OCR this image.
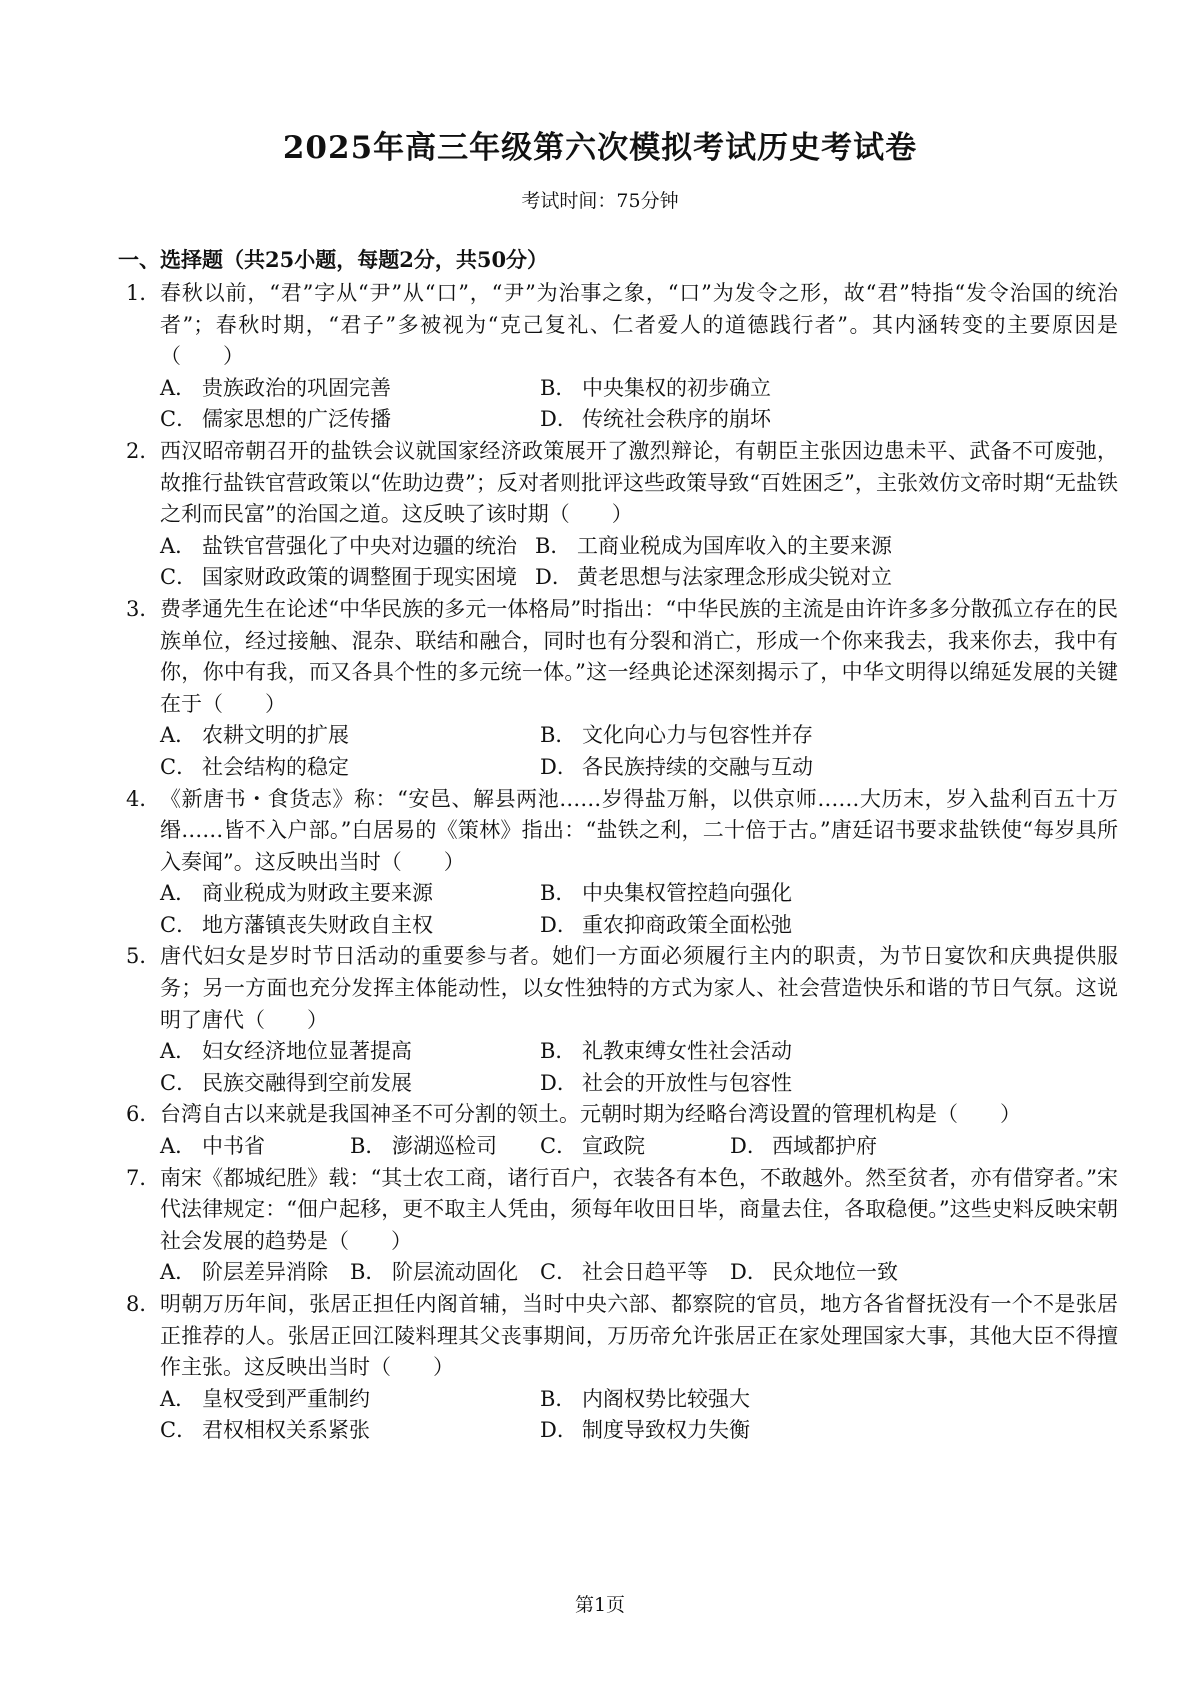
2025年高三年级第六次模拟考试历史考试卷
考试时间：75分钟
一、选择题（共25小题，每题2分，共50分）
1． 春秋以前，“君”字从“尹”从“口”，“尹”为治事之象，“口”为发令之形，故“君”特指“发令治国的统治者”；春秋时期，“君子”多被视为“克己复礼、仁者爱人的道德践行者”。其内涵转变的主要原因是（　　）
A． 贵族政治的巩固完善	B． 中央集权的初步确立
C． 儒家思想的广泛传播	D． 传统社会秩序的崩坏
2． 西汉昭帝朝召开的盐铁会议就国家经济政策展开了激烈辩论，有朝臣主张因边患未平、武备不可废弛，故推行盐铁官营政策以“佐助边费”；反对者则批评这些政策导致“百姓困乏”，主张效仿文帝时期“无盐铁之利而民富”的治国之道。这反映了该时期（　　）
A． 盐铁官营强化了中央对边疆的统治 B． 工商业税成为国库收入的主要来源
C． 国家财政政策的调整囿于现实困境 D． 黄老思想与法家理念形成尖锐对立
3． 费孝通先生在论述“中华民族的多元一体格局”时指出：“中华民族的主流是由许许多多分散孤立存在的民族单位，经过接触、混杂、联结和融合，同时也有分裂和消亡，形成一个你来我去，我来你去，我中有你，你中有我，而又各具个性的多元统一体。”这一经典论述深刻揭示了，中华文明得以绵延发展的关键在于（　　）
A． 农耕文明的扩展	B． 文化向心力与包容性并存
C． 社会结构的稳定	D． 各民族持续的交融与互动
4． 《新唐书・食货志》称：“安邑、解县两池……岁得盐万斛，以供京师……大历末，岁入盐利百五十万缗……皆不入户部。”白居易的《策林》指出：“盐铁之利，二十倍于古。”唐廷诏书要求盐铁使“每岁具所入奏闻”。这反映出当时（　　）
A． 商业税成为财政主要来源	B． 中央集权管控趋向强化
C． 地方藩镇丧失财政自主权	D． 重农抑商政策全面松弛
5． 唐代妇女是岁时节日活动的重要参与者。她们一方面必须履行主内的职责，为节日宴饮和庆典提供服务；另一方面也充分发挥主体能动性，以女性独特的方式为家人、社会营造快乐和谐的节日气氛。这说明了唐代（　　）
A． 妇女经济地位显著提高	B． 礼教束缚女性社会活动
C． 民族交融得到空前发展	D． 社会的开放性与包容性
6． 台湾自古以来就是我国神圣不可分割的领土。元朝时期为经略台湾设置的管理机构是（　　）
A． 中书省	B． 澎湖巡检司	C． 宣政院	D． 西域都护府
7． 南宋《都城纪胜》载：“其士农工商，诸行百户，衣装各有本色，不敢越外。然至贫者，亦有借穿者。”宋代法律规定：“佃户起移，更不取主人凭由，须每年收田日毕，商量去住，各取稳便。”这些史料反映宋朝社会发展的趋势是（　　）
A． 阶层差异消除	B． 阶层流动固化	C． 社会日趋平等	D． 民众地位一致
8． 明朝万历年间，张居正担任内阁首辅，当时中央六部、都察院的官员，地方各省督抚没有一个不是张居正推荐的人。张居正回江陵料理其父丧事期间，万历帝允许张居正在家处理国家大事，其他大臣不得擅作主张。这反映出当时（　　）
A． 皇权受到严重制约	B． 内阁权势比较强大
C． 君权相权关系紧张	D． 制度导致权力失衡
第1页
